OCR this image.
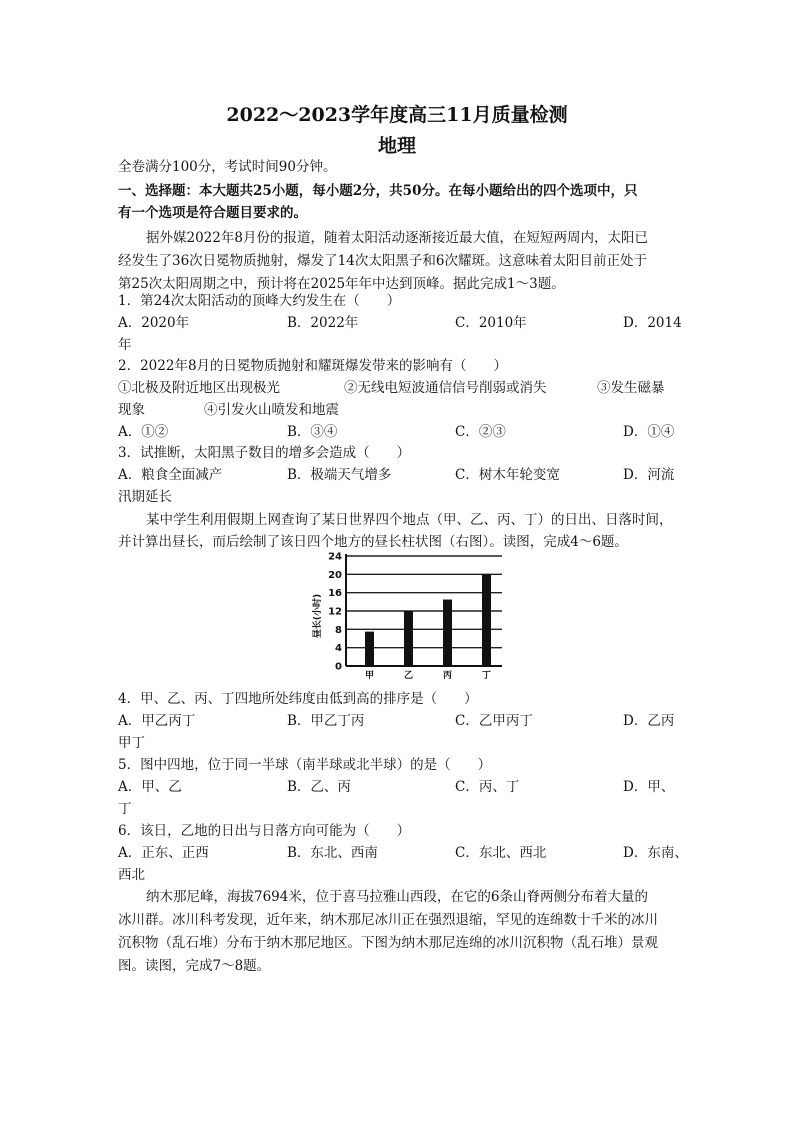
2022～2023学年度高三11月质量检测
地理
全卷满分100分，考试时间90分钟。
一、选择题：本大题共25小题，每小题2分，共50分。在每小题给出的四个选项中，只
有一个选项是符合题目要求的。
据外媒2022年8月份的报道，随着太阳活动逐渐接近最大值，在短短两周内，太阳已
经发生了36次日冕物质抛射，爆发了14次太阳黑子和6次耀斑。这意味着太阳目前正处于
第25次太阳周期之中，预计将在2025年年中达到顶峰。据此完成1～3题。
1．第24次太阳活动的顶峰大约发生在（　　）
A．2020年	B．2022年	C．2010年	D．2014
年
2．2022年8月的日冕物质抛射和耀斑爆发带来的影响有（　　）
①北极及附近地区出现极光	②无线电短波通信信号削弱或消失	③发生磁暴
现象	④引发火山喷发和地震
A．①②	B．③④	C．②③	D．①④
3．试推断，太阳黑子数目的增多会造成（　　）
A．粮食全面减产	B．极端天气增多	C．树木年轮变宽	D．河流
汛期延长
某中学生利用假期上网查询了某日世界四个地点（甲、乙、丙、丁）的日出、日落时间，
并计算出昼长，而后绘制了该日四个地方的昼长柱状图（右图）。读图，完成4～6题。
0
4
8
12
16
20
24
甲	乙	丙	丁
昼长(小时)
4．甲、乙、丙、丁四地所处纬度由低到高的排序是（　　）
A．甲乙丙丁	B．甲乙丁丙	C．乙甲丙丁	D．乙丙
甲丁
5．图中四地，位于同一半球（南半球或北半球）的是（　　）
A．甲、乙	B．乙、丙	C．丙、丁	D．甲、
丁
6．该日，乙地的日出与日落方向可能为（　　）
A．正东、正西	B．东北、西南	C．东北、西北	D．东南、
西北
纳木那尼峰，海拔7694米，位于喜马拉雅山西段，在它的6条山脊两侧分布着大量的
冰川群。冰川科考发现，近年来，纳木那尼冰川正在强烈退缩，罕见的连绵数十千米的冰川
沉积物（乱石堆）分布于纳木那尼地区。下图为纳木那尼连绵的冰川沉积物（乱石堆）景观
图。读图，完成7～8题。
